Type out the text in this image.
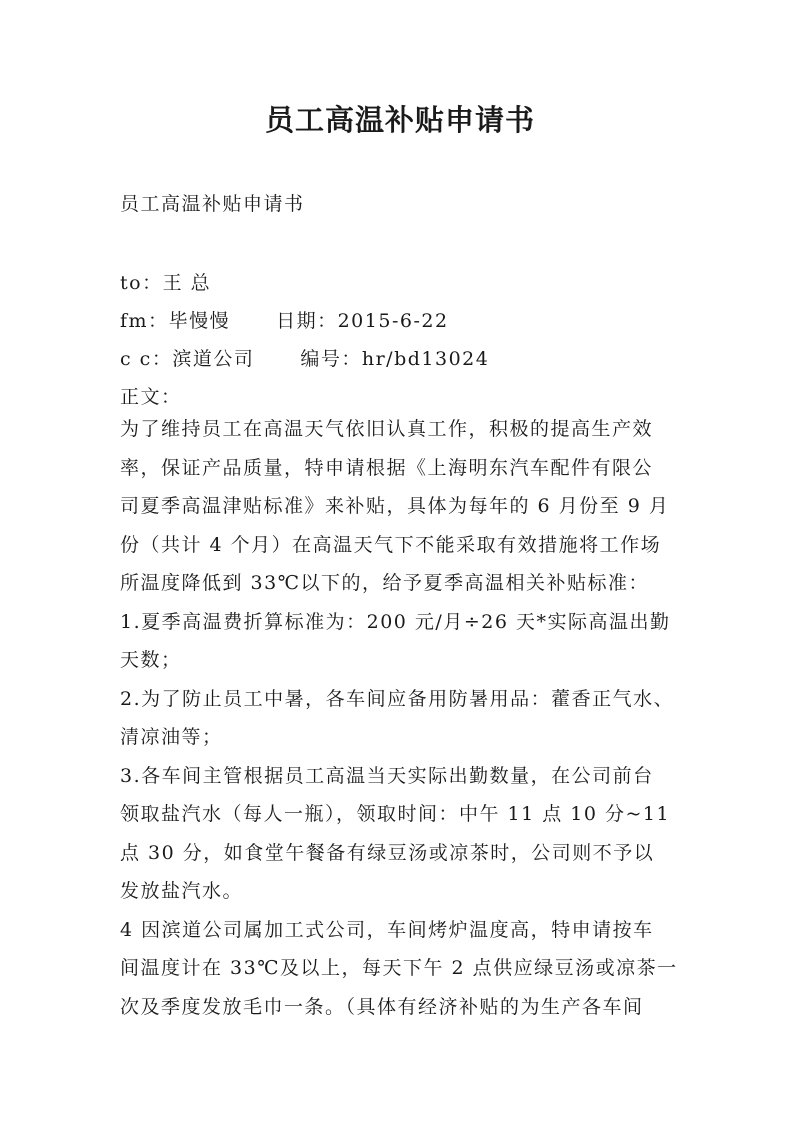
员工高温补贴申请书
员工高温补贴申请书
to：王 总
fm：毕慢慢 日期：2015-6-22
c c：滨道公司 编号：hr/bd13024
正文：
为了维持员工在高温天气依旧认真工作，积极的提高生产效
率，保证产品质量，特申请根据《上海明东汽车配件有限公
司夏季高温津贴标准》来补贴，具体为每年的 6 月份至 9 月
份（共计 4 个月）在高温天气下不能采取有效措施将工作场
所温度降低到 33℃以下的，给予夏季高温相关补贴标准：
1.夏季高温费折算标准为：200 元/月÷26 天*实际高温出勤
天数；
2.为了防止员工中暑，各车间应备用防暑用品：藿香正气水、
清凉油等；
3.各车间主管根据员工高温当天实际出勤数量，在公司前台
领取盐汽水（每人一瓶），领取时间：中午 11 点 10 分~11
点 30 分，如食堂午餐备有绿豆汤或凉茶时，公司则不予以
发放盐汽水。
4 因滨道公司属加工式公司，车间烤炉温度高，特申请按车
间温度计在 33℃及以上，每天下午 2 点供应绿豆汤或凉茶一
次及季度发放毛巾一条。（具体有经济补贴的为生产各车间
